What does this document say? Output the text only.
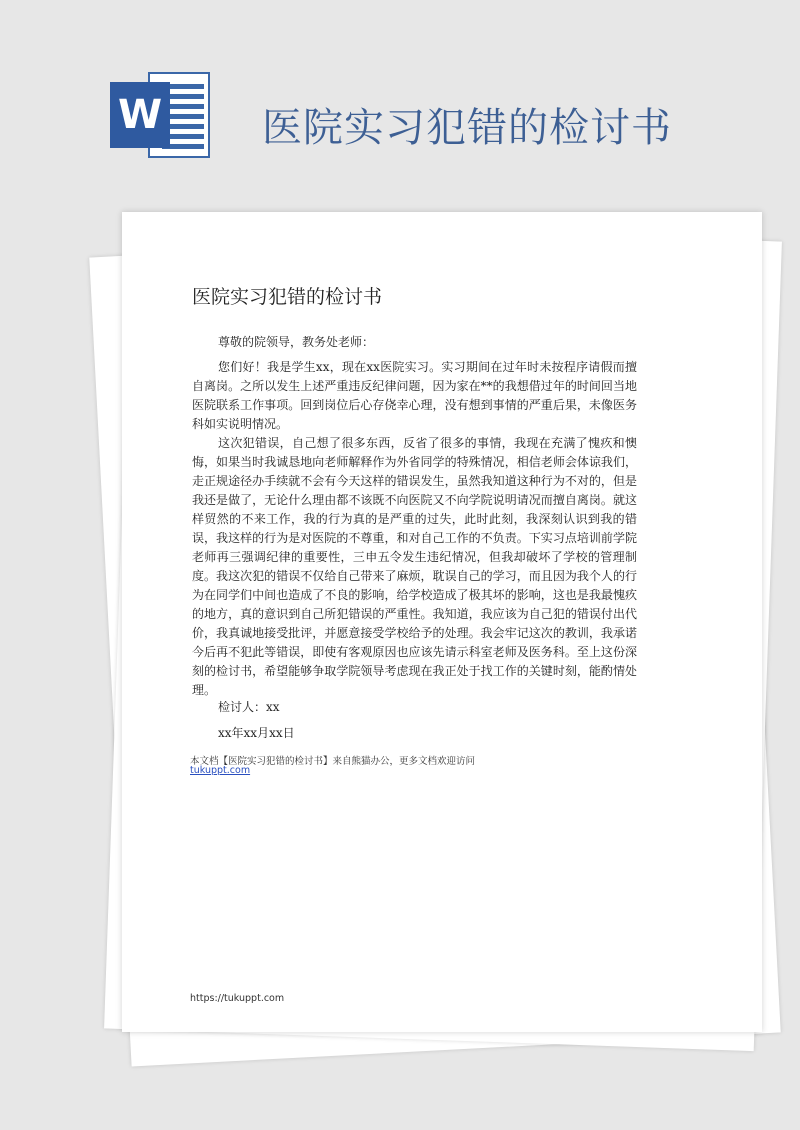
W 医院实习犯错的检讨书
医院实习犯错的检讨书
尊敬的院领导，教务处老师：
您们好！我是学生xx，现在xx医院实习。实习期间在过年时未按程序请假而擅自离岗。之所以发生上述严重违反纪律问题，因为家在**的我想借过年的时间回当地医院联系工作事项。回到岗位后心存侥幸心理，没有想到事情的严重后果，未像医务科如实说明情况。
这次犯错误，自己想了很多东西，反省了很多的事情，我现在充满了愧疚和懊悔，如果当时我诚恳地向老师解释作为外省同学的特殊情况，相信老师会体谅我们，走正规途径办手续就不会有今天这样的错误发生，虽然我知道这种行为不对的，但是我还是做了，无论什么理由都不该既不向医院又不向学院说明请况而擅自离岗。就这样贸然的不来工作，我的行为真的是严重的过失，此时此刻，我深刻认识到我的错误，我这样的行为是对医院的不尊重，和对自己工作的不负责。下实习点培训前学院老师再三强调纪律的重要性，三申五令发生违纪情况，但我却破坏了学校的管理制度。我这次犯的错误不仅给自己带来了麻烦，耽误自己的学习，而且因为我个人的行为在同学们中间也造成了不良的影响，给学校造成了极其坏的影响，这也是我最愧疚的地方，真的意识到自己所犯错误的严重性。我知道，我应该为自己犯的错误付出代价，我真诚地接受批评，并愿意接受学校给予的处理。我会牢记这次的教训，我承诺今后再不犯此等错误，即使有客观原因也应该先请示科室老师及医务科。至上这份深刻的检讨书，希望能够争取学院领导考虑现在我正处于找工作的关键时刻，能酌情处理。
检讨人：xx
xx年xx月xx日
本文档【医院实习犯错的检讨书】来自熊猫办公，更多文档欢迎访问
tukuppt.com
https://tukuppt.com
